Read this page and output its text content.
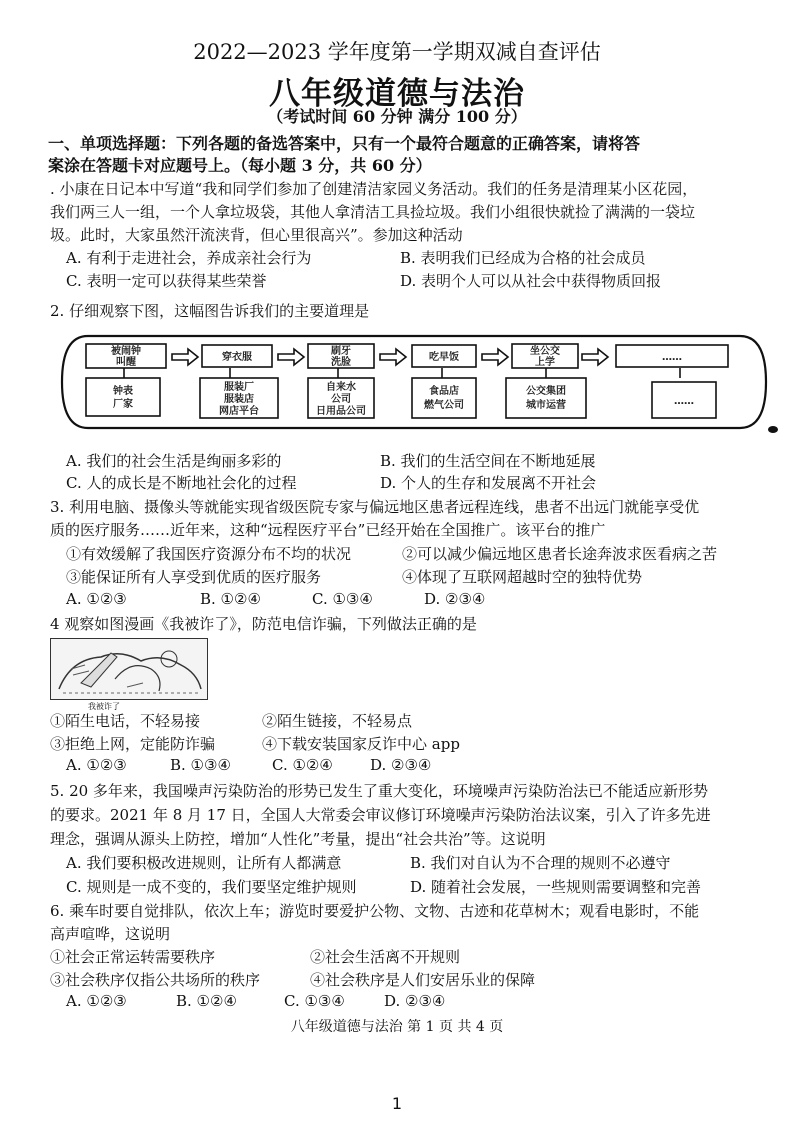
2022—2023 学年度第一学期双减自查评估
八年级道德与法治
（考试时间 60 分钟 满分 100 分）
一、单项选择题：下列各题的备选答案中，只有一个最符合题意的正确答案，请将答
案涂在答题卡对应题号上。（每小题 3 分，共 60 分）
. 小康在日记本中写道“我和同学们参加了创建清洁家园义务活动。我们的任务是清理某小区花园，
我们两三人一组，一个人拿垃圾袋，其他人拿清洁工具捡垃圾。我们小组很快就捡了满满的一袋垃
圾。此时，大家虽然汗流浃背，但心里很高兴”。参加这种活动
A. 有利于走进社会，养成亲社会行为	B. 表明我们已经成为合格的社会成员
C. 表明一定可以获得某些荣誉	D. 表明个人可以从社会中获得物质回报
2. 仔细观察下图，这幅图告诉我们的主要道理是
被闹钟
叫醒	穿衣服
刷牙
洗脸	吃早饭
坐公交
上学	……
钟表
厂家
服装厂
服装店
网店平台
自来水
公司
日用品公司
食品店
燃气公司
公交集团
城市运营	……
A. 我们的社会生活是绚丽多彩的	B. 我们的生活空间在不断地延展
C. 人的成长是不断地社会化的过程	D. 个人的生存和发展离不开社会
3. 利用电脑、摄像头等就能实现省级医院专家与偏远地区患者远程连线，患者不出远门就能享受优
质的医疗服务……近年来，这种“远程医疗平台”已经开始在全国推广。该平台的推广
①有效缓解了我国医疗资源分布不均的状况	②可以减少偏远地区患者长途奔波求医看病之苦
③能保证所有人享受到优质的医疗服务	④体现了互联网超越时空的独特优势
A. ①②③	B. ①②④	C. ①③④	D. ②③④
4 观察如图漫画《我被诈了》，防范电信诈骗，下列做法正确的是
我被诈了
①陌生电话，不轻易接	②陌生链接，不轻易点
③拒绝上网，定能防诈骗	④下载安装国家反诈中心 app
A. ①②③	B. ①③④	C. ①②④ D. ②③④
5. 20 多年来，我国噪声污染防治的形势已发生了重大变化，环境噪声污染防治法已不能适应新形势
的要求。2021 年 8 月 17 日，全国人大常委会审议修订环境噪声污染防治法议案，引入了许多先进
理念，强调从源头上防控，增加“人性化”考量，提出“社会共治”等。这说明
A. 我们要积极改进规则，让所有人都满意	B. 我们对自认为不合理的规则不必遵守
C. 规则是一成不变的，我们要坚定维护规则	D. 随着社会发展，一些规则需要调整和完善
6. 乘车时要自觉排队，依次上车；游览时要爱护公物、文物、古迹和花草树木；观看电影时，不能
高声喧哗，这说明
①社会正常运转需要秩序	②社会生活离不开规则
③社会秩序仅指公共场所的秩序	④社会秩序是人们安居乐业的保障
A. ①②③	B. ①②④	C. ①③④	D. ②③④
八年级道德与法治 第 1 页 共 4 页
1
